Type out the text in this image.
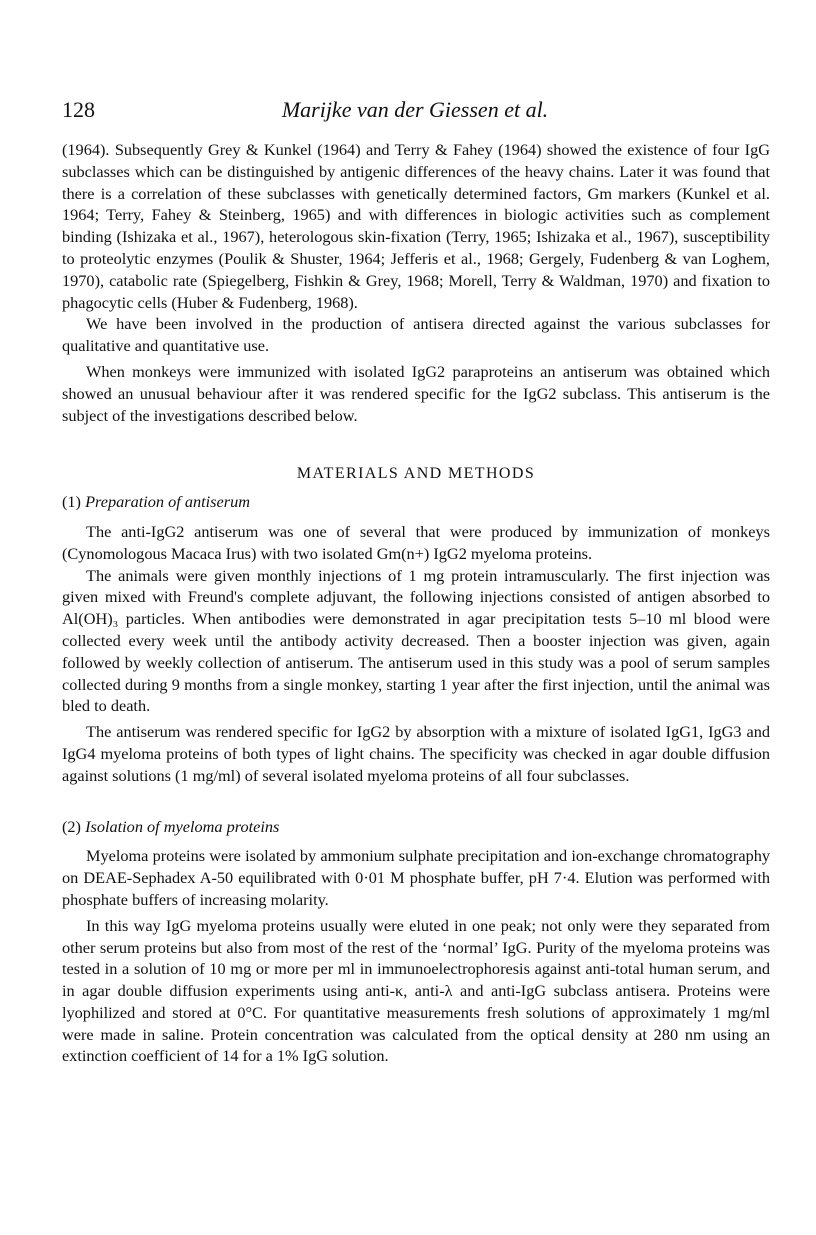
128	Marijke van der Giessen et al.

(1964). Subsequently Grey & Kunkel (1964) and Terry & Fahey (1964) showed the existence of four IgG subclasses which can be distinguished by antigenic differences of the heavy chains. Later it was found that there is a correlation of these subclasses with genetically determined factors, Gm markers (Kunkel et al. 1964; Terry, Fahey & Steinberg, 1965) and with differences in biologic activities such as complement binding (Ishizaka et al., 1967), heterologous skin-fixation (Terry, 1965; Ishizaka et al., 1967), susceptibility to proteolytic enzymes (Poulik & Shuster, 1964; Jefferis et al., 1968; Gergely, Fudenberg & van Loghem, 1970), catabolic rate (Spiegelberg, Fishkin & Grey, 1968; Morell, Terry & Waldman, 1970) and fixation to phagocytic cells (Huber & Fudenberg, 1968).

We have been involved in the production of antisera directed against the various subclasses for qualitative and quantitative use.

When monkeys were immunized with isolated IgG2 paraproteins an antiserum was obtained which showed an unusual behaviour after it was rendered specific for the IgG2 subclass. This antiserum is the subject of the investigations described below.

MATERIALS AND METHODS

(1) Preparation of antiserum

The anti-IgG2 antiserum was one of several that were produced by immunization of monkeys (Cynomologous Macaca Irus) with two isolated Gm(n+) IgG2 myeloma proteins.

The animals were given monthly injections of 1 mg protein intramuscularly. The first injection was given mixed with Freund's complete adjuvant, the following injections consisted of antigen absorbed to Al(OH)₃ particles. When antibodies were demonstrated in agar precipitation tests 5–10 ml blood were collected every week until the antibody activity decreased. Then a booster injection was given, again followed by weekly collection of antiserum. The antiserum used in this study was a pool of serum samples collected during 9 months from a single monkey, starting 1 year after the first injection, until the animal was bled to death.

The antiserum was rendered specific for IgG2 by absorption with a mixture of isolated IgG1, IgG3 and IgG4 myeloma proteins of both types of light chains. The specificity was checked in agar double diffusion against solutions (1 mg/ml) of several isolated myeloma proteins of all four subclasses.

(2) Isolation of myeloma proteins

Myeloma proteins were isolated by ammonium sulphate precipitation and ion-exchange chromatography on DEAE-Sephadex A-50 equilibrated with 0·01 M phosphate buffer, pH 7·4. Elution was performed with phosphate buffers of increasing molarity.

In this way IgG myeloma proteins usually were eluted in one peak; not only were they separated from other serum proteins but also from most of the rest of the ‘normal’ IgG. Purity of the myeloma proteins was tested in a solution of 10 mg or more per ml in immunoelectrophoresis against anti-total human serum, and in agar double diffusion experiments using anti-κ, anti-λ and anti-IgG subclass antisera. Proteins were lyophilized and stored at 0°C. For quantitative measurements fresh solutions of approximately 1 mg/ml were made in saline. Protein concentration was calculated from the optical density at 280 nm using an extinction coefficient of 14 for a 1% IgG solution.
